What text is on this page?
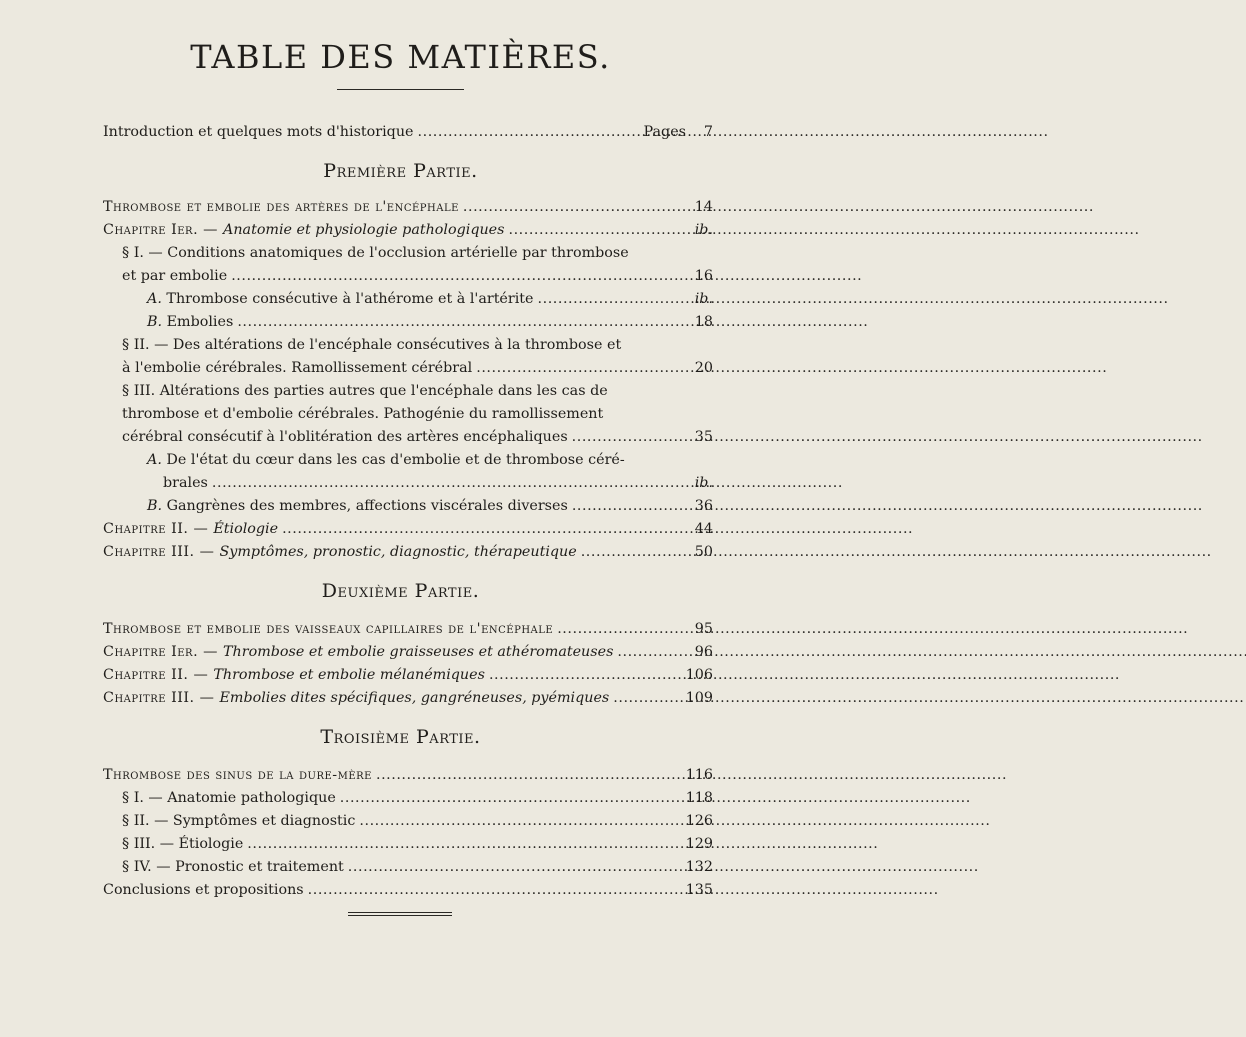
TABLE DES MATIÈRES.
Introduction et quelques mots d'historique . . .	Pages	7
Première Partie.
Thrombose et embolie des artères de l'encéphale . . .	14
Chapitre Ier. — Anatomie et physiologie pathologiques . . .	ib.
§ I. — Conditions anatomiques de l'occlusion artérielle par thrombose
et par embolie . . .	16
A. Thrombose consécutive à l'athérome et à l'artérite . . .	ib.
B. Embolies . . .	18
§ II. — Des altérations de l'encéphale consécutives à la thrombose et
à l'embolie cérébrales. Ramollissement cérébral . . .	20
§ III. Altérations des parties autres que l'encéphale dans les cas de
thrombose et d'embolie cérébrales. Pathogénie du ramollissement
cérébral consécutif à l'oblitération des artères encéphaliques . . .	35
A. De l'état du cœur dans les cas d'embolie et de thrombose céré-
brales . . .	ib.
B. Gangrènes des membres, affections viscérales diverses . . .	36
Chapitre II. — Étiologie . . .	44
Chapitre III. — Symptômes, pronostic, diagnostic, thérapeutique . . .	50
Deuxième Partie.
Thrombose et embolie des vaisseaux capillaires de l'encéphale . . .	95
Chapitre Ier. — Thrombose et embolie graisseuses et athéromateuses . . .	96
Chapitre II. — Thrombose et embolie mélanémiques . . .	106
Chapitre III. — Embolies dites spécifiques, gangréneuses, pyémiques . . .	109
Troisième Partie.
Thrombose des sinus de la dure-mère . . .	116
§ I. — Anatomie pathologique . . .	118
§ II. — Symptômes et diagnostic . . .	126
§ III. — Étiologie . . .	129
§ IV. — Pronostic et traitement . . .	132
Conclusions et propositions . . .	135
